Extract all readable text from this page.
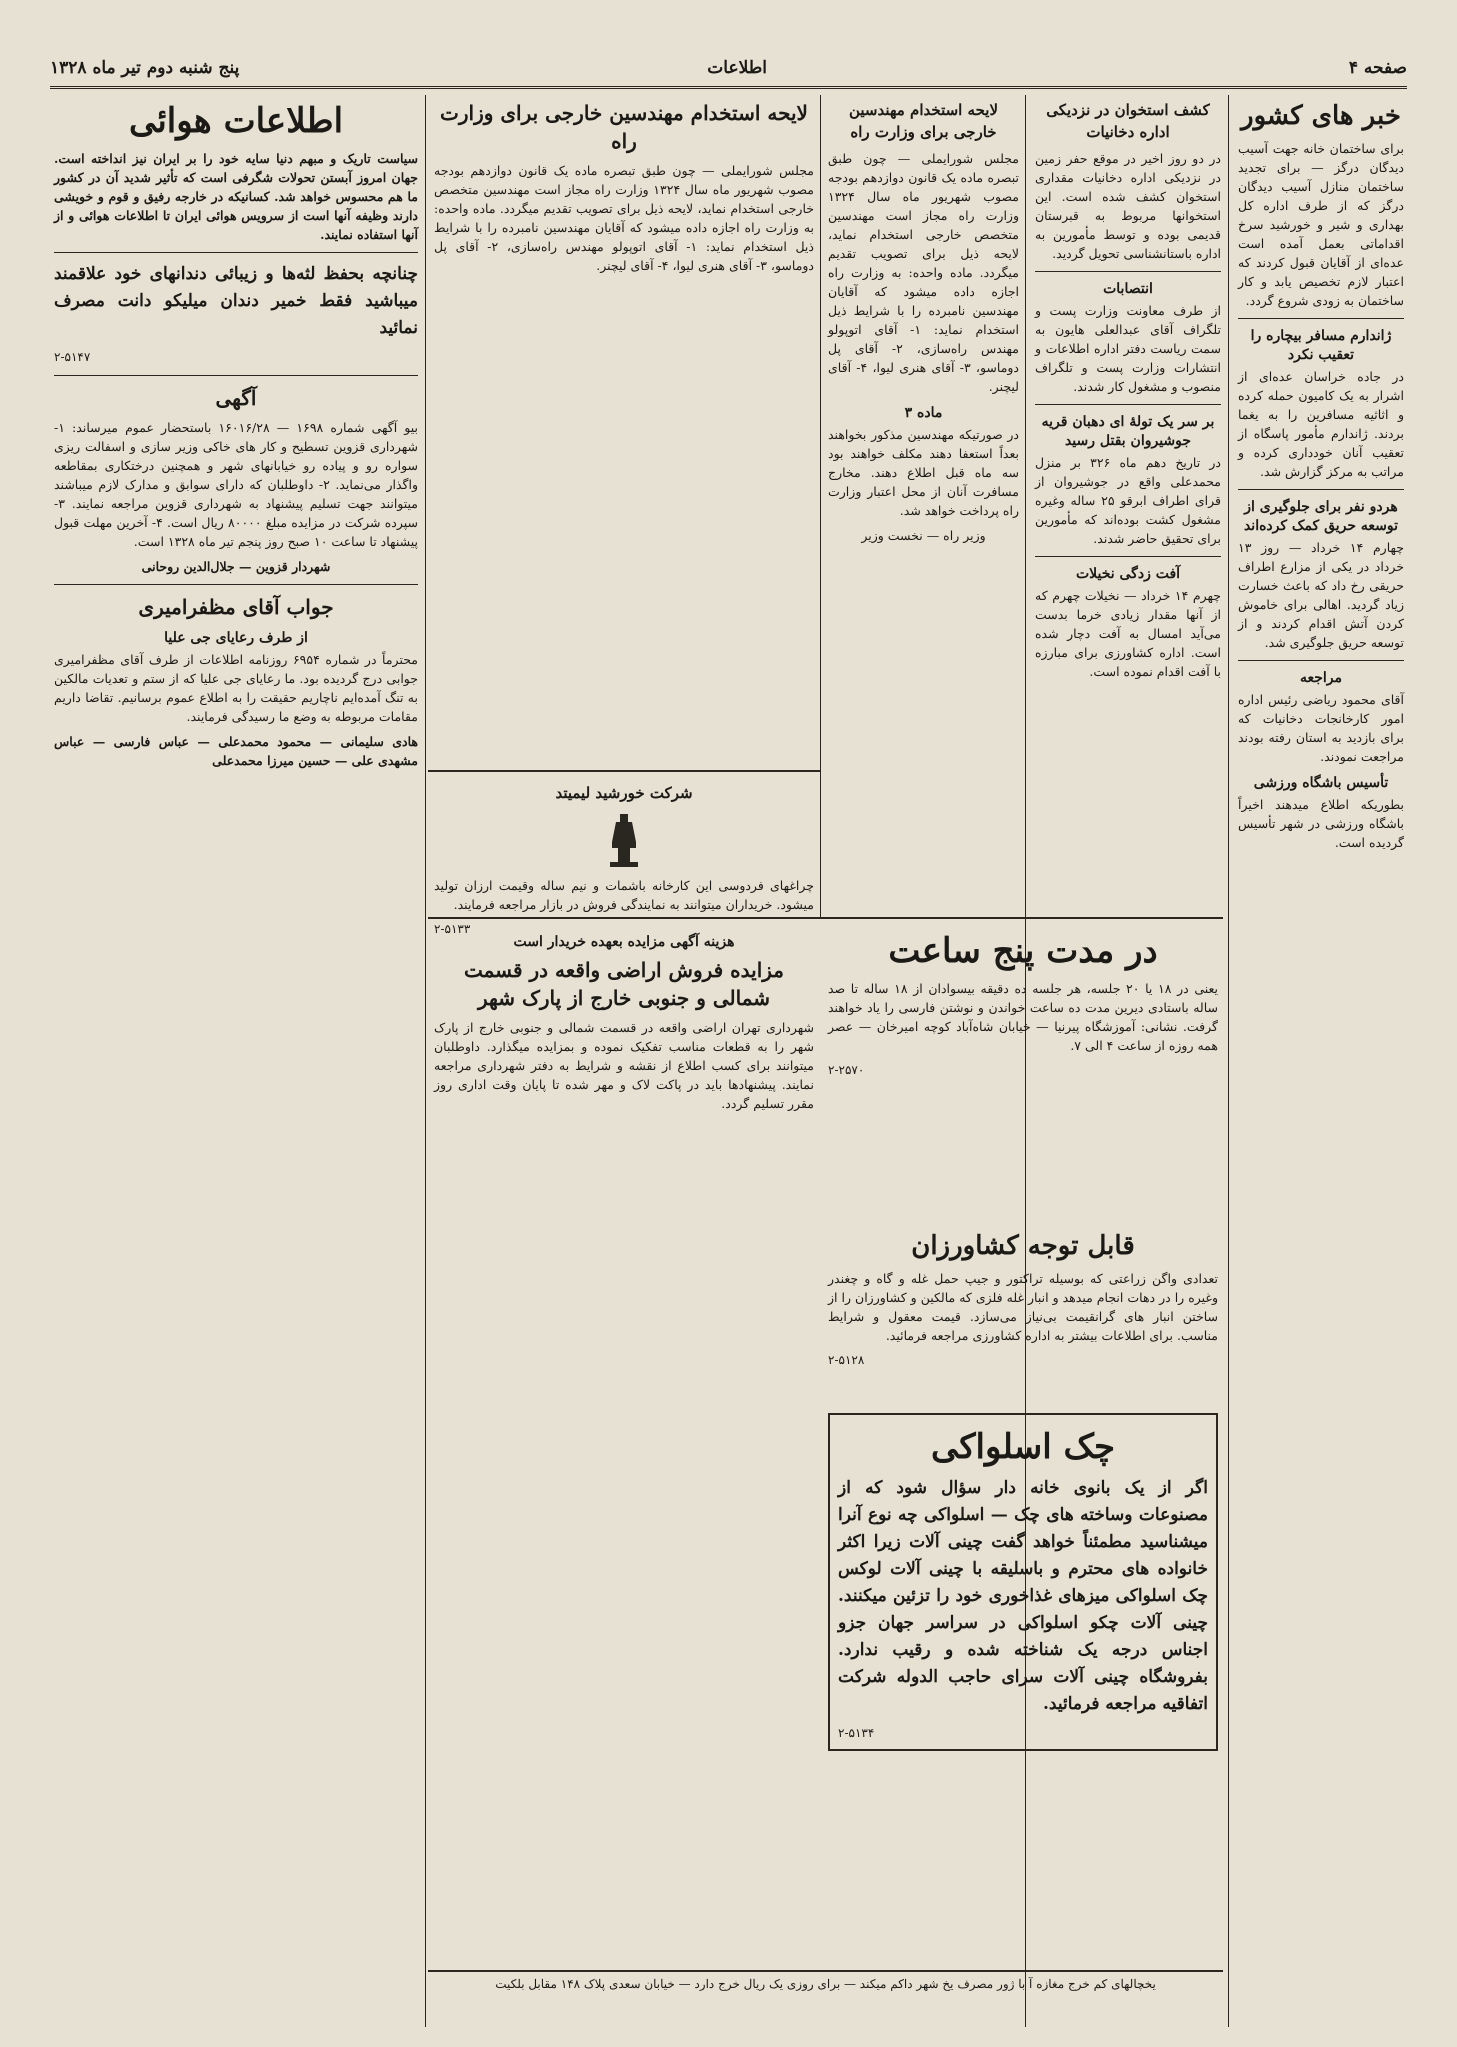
صفحه ۴
اطلاعات
پنج شنبه دوم تیر ماه ۱۳۲۸
خبر های کشور

برای ساختمان خانه جهت آسیب دیدگان درگز — برای تجدید ساختمان منازل آسیب دیدگان درگز که از طرف اداره کل بهداری و شیر و خورشید سرخ اقداماتی بعمل آمده است عده‌ای از آقایان قبول کردند که اعتبار لازم تخصیص یابد و کار ساختمان به زودی شروع گردد.

ژاندارم مسافر بیچاره را تعقیب نکرد

در جاده خراسان عده‌ای از اشرار به یک کامیون حمله کرده و اثاثیه مسافرین را به یغما بردند. ژاندارم مأمور پاسگاه از تعقیب آنان خودداری کرده و مراتب به مرکز گزارش شد.

هردو نفر برای جلوگیری از توسعه حریق کمک کرده‌اند

چهارم ۱۴ خرداد — روز ۱۳ خرداد در یکی از مزارع اطراف حریقی رخ داد که باعث خسارت زیاد گردید. اهالی برای خاموش کردن آتش اقدام کردند و از توسعه حریق جلوگیری شد.

مراجعه

آقای محمود ریاضی رئیس اداره امور کارخانجات دخانیات که برای بازدید به استان رفته بودند مراجعت نمودند.

تأسیس باشگاه ورزشی

بطوریکه اطلاع میدهند اخیراً باشگاه ورزشی در شهر تأسیس گردیده است.

کشف استخوان در نزدیکی اداره دخانیات

در دو روز اخیر در موقع حفر زمین در نزدیکی اداره دخانیات مقداری استخوان کشف شده است. این استخوانها مربوط به قبرستان قدیمی بوده و توسط مأمورین به اداره باستانشناسی تحویل گردید.

انتصابات

از طرف معاونت وزارت پست و تلگراف آقای عبدالعلی هایون به سمت ریاست دفتر اداره اطلاعات و انتشارات وزارت پست و تلگراف منصوب و مشغول کار شدند.

بر سر یک تولهٔ ای دهبان قریه جوشیروان بقتل رسید

در تاریخ دهم ماه ۳۲۶ بر منزل محمدعلی واقع در جوشیروان از قرای اطراف ابرقو ۲۵ ساله وغیره مشغول کشت بوده‌اند که مأمورین برای تحقیق حاضر شدند.

آفت زدگی نخیلات

چهرم ۱۴ خرداد — نخیلات چهرم که از آنها مقدار زیادی خرما بدست می‌آید امسال به آفت دچار شده است. اداره کشاورزی برای مبارزه با آفت اقدام نموده است.

لایحه استخدام مهندسین خارجی برای وزارت راه

مجلس شورایملی — چون طبق تبصره ماده یک قانون دوازدهم بودجه مصوب شهریور ماه سال ۱۳۲۴ وزارت راه مجاز است مهندسین متخصص خارجی استخدام نماید، لایحه ذیل برای تصویب تقدیم میگردد. ماده واحده: به وزارت راه اجازه داده میشود که آقایان مهندسین نامبرده را با شرایط ذیل استخدام نماید: ۱- آقای اتوپولو مهندس راه‌سازی، ۲- آقای پل دوماسو، ۳- آقای هنری لیوا، ۴- آقای لیچنر.

ماده ۳

در صورتیکه مهندسین مذکور بخواهند بعداً استعفا دهند مکلف خواهند بود سه ماه قبل اطلاع دهند. مخارج مسافرت آنان از محل اعتبار وزارت راه پرداخت خواهد شد.

وزیر راه — نخست وزیر

لایحه استخدام مهندسین خارجی برای وزارت راه

مجلس شورایملی — چون طبق تبصره ماده یک قانون دوازدهم بودجه مصوب شهریور ماه سال ۱۳۲۴ وزارت راه مجاز است مهندسین متخصص خارجی استخدام نماید، لایحه ذیل برای تصویب تقدیم میگردد. ماده واحده: به وزارت راه اجازه داده میشود که آقایان مهندسین نامبرده را با شرایط ذیل استخدام نماید: ۱- آقای اتوپولو مهندس راه‌سازی، ۲- آقای پل دوماسو، ۳- آقای هنری لیوا، ۴- آقای لیچنر.

شرکت خورشید لیمیتد

چراغهای فردوسی این کارخانه باشمات و نیم ساله وقیمت ارزان تولید میشود. خریداران میتوانند به نمایندگی فروش در بازار مراجعه فرمایند.

۲-۵۱۳۳
در مدت پنج ساعت

یعنی در ۱۸ یا ۲۰ جلسه، هر جلسه ده دقیقه بیسوادان از ۱۸ ساله تا صد ساله باستادی دیرین مدت ده ساعت خواندن و نوشتن فارسی را یاد خواهند گرفت. نشانی: آموزشگاه پیرنیا — خیابان شاه‌آباد کوچه امیرخان — عصر همه روزه از ساعت ۴ الی ۷.

۲-۲۵۷۰
قابل توجه کشاورزان

تعدادی واگن زراعتی که بوسیله تراکتور و جیپ حمل غله و گاه و چغندر وغیره را در دهات انجام میدهد و انبار غله فلزی که مالکین و کشاورزان را از ساختن انبار های گرانقیمت بی‌نیاز می‌سازد. قیمت معقول و شرایط مناسب. برای اطلاعات بیشتر به اداره کشاورزی مراجعه فرمائید.

۲-۵۱۲۸
چک اسلواکی

اگر از یک بانوی خانه دار سؤال شود که از مصنوعات وساخته های چک — اسلواکی چه نوع آنرا میشناسید مطمئناً خواهد گفت چینی آلات زیرا اکثر خانواده های محترم و باسلیقه با چینی آلات لوکس چک اسلواکی میزهای غذاخوری خود را تزئین میکنند. چینی آلات چکو اسلواکی در سراسر جهان جزو اجناس درجه یک شناخته شده و رقیب ندارد. بفروشگاه چینی آلات سرای حاجب الدوله شرکت اتفاقیه مراجعه فرمائید.

۲-۵۱۳۴
هزینه آگهی مزایده بعهده خریدار است
مزایده فروش اراضی واقعه در قسمت شمالی و جنوبی خارج از پارک شهر

شهرداری تهران اراضی واقعه در قسمت شمالی و جنوبی خارج از پارک شهر را به قطعات مناسب تفکیک نموده و بمزایده میگذارد. داوطلبان میتوانند برای کسب اطلاع از نقشه و شرایط به دفتر شهرداری مراجعه نمایند. پیشنهادها باید در پاکت لاک و مهر شده تا پایان وقت اداری روز مقرر تسلیم گردد.

اطلاعات هوائی

سیاست تاریک و مبهم دنیا سایه خود را بر ایران نیز انداخته است. جهان امروز آبستن تحولات شگرفی است که تأثیر شدید آن در کشور ما هم محسوس خواهد شد. کسانیکه در خارجه رفیق و قوم و خویشی دارند وظیفه آنها است از سرویس هوائی ایران تا اطلاعات هوائی و از آنها استفاده نمایند.

چنانچه بحفظ لثه‌ها و زیبائی دندانهای خود علاقمند میباشید فقط خمیر دندان میلیکو دانت مصرف نمائید

۲-۵۱۴۷
آگهی

بیو آگهی شماره ۱۶۹۸ — ۱۶۰۱۶/۲۸ باستحضار عموم میرساند: ۱- شهرداری قزوین تسطیح و کار های خاکی وزیر سازی و اسفالت ریزی سواره رو و پیاده رو خیابانهای شهر و همچنین درختکاری بمقاطعه واگذار می‌نماید. ۲- داوطلبان که دارای سوابق و مدارک لازم میباشند میتوانند جهت تسلیم پیشنهاد به شهرداری قزوین مراجعه نمایند. ۳- سپرده شرکت در مزایده مبلغ ۸۰۰۰۰ ریال است. ۴- آخرین مهلت قبول پیشنهاد تا ساعت ۱۰ صبح روز پنجم تیر ماه ۱۳۲۸ است.

شهردار قزوین — جلال‌الدین روحانی

جواب آقای مظفرامیری
از طرف رعایای جی علیا

محترماً در شماره ۶۹۵۴ روزنامه اطلاعات از طرف آقای مظفرامیری جوابی درج گردیده بود. ما رعایای جی علیا که از ستم و تعدیات مالکین به تنگ آمده‌ایم ناچاریم حقیقت را به اطلاع عموم برسانیم. تقاضا داریم مقامات مربوطه به وضع ما رسیدگی فرمایند.

هادی سلیمانی — محمود محمدعلی — عباس فارسی — عباس مشهدی علی — حسین میرزا محمدعلی

یخچالهای کم خرج مغازه آ با ژور مصرف یخ شهر داکم میکند — برای روزی یک ریال خرج دارد — خیابان سعدی پلاک ۱۴۸ مقابل بلکیت
